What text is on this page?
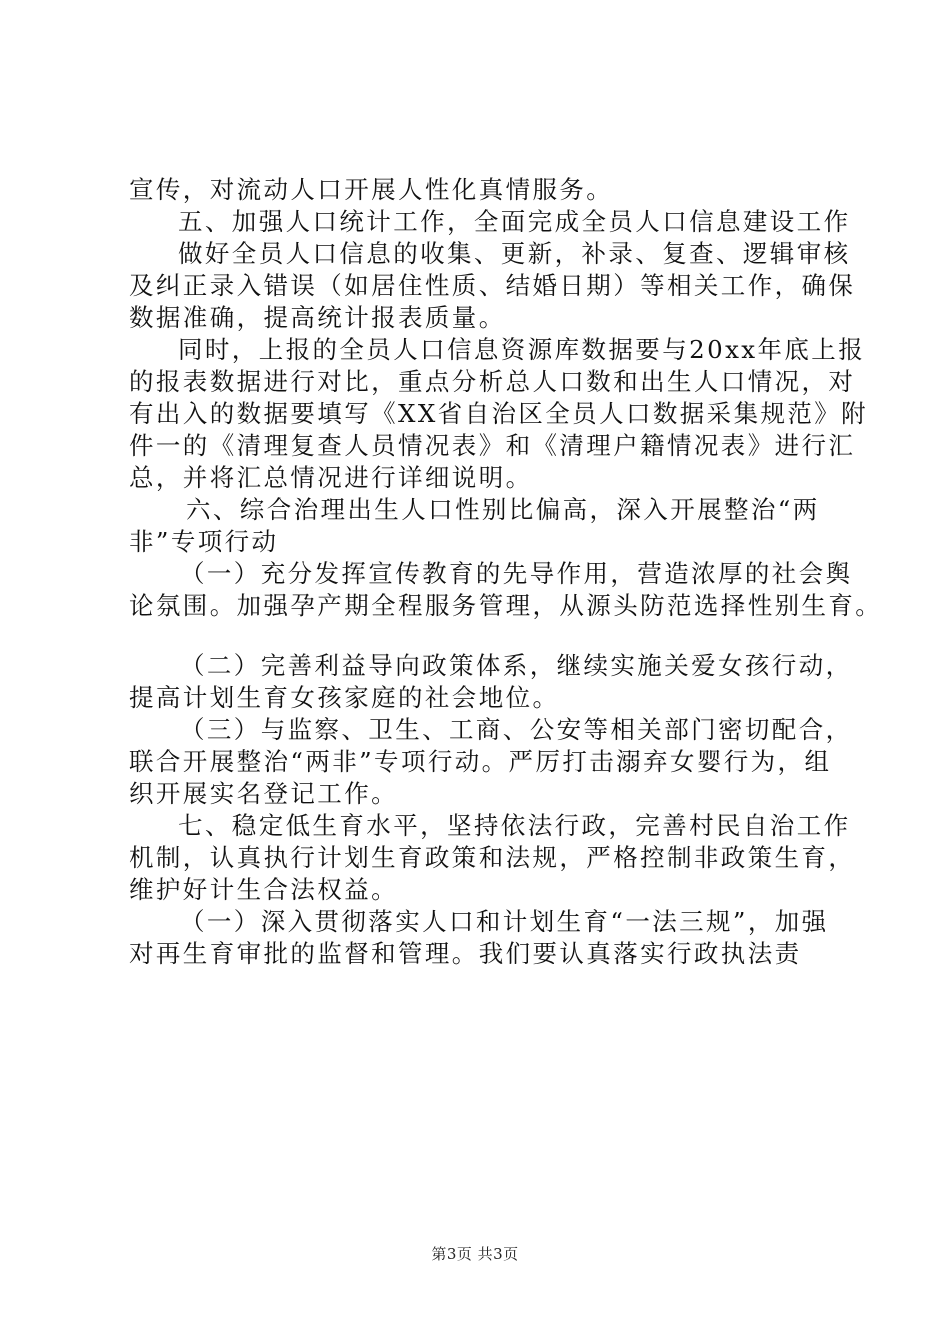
宣传，对流动人口开展人性化真情服务。
五、加强人口统计工作，全面完成全员人口信息建设工作
做好全员人口信息的收集、更新，补录、复查、逻辑审核
及纠正录入错误（如居住性质、结婚日期）等相关工作，确保
数据准确，提高统计报表质量。
同时，上报的全员人口信息资源库数据要与20xx年底上报
的报表数据进行对比，重点分析总人口数和出生人口情况，对
有出入的数据要填写《XX省自治区全员人口数据采集规范》附
件一的《清理复查人员情况表》和《清理户籍情况表》进行汇
总，并将汇总情况进行详细说明。
六、综合治理出生人口性别比偏高，深入开展整治“两
非”专项行动
（一）充分发挥宣传教育的先导作用，营造浓厚的社会舆
论氛围。加强孕产期全程服务管理，从源头防范选择性别生育。
（二）完善利益导向政策体系，继续实施关爱女孩行动，
提高计划生育女孩家庭的社会地位。
（三）与监察、卫生、工商、公安等相关部门密切配合，
联合开展整治“两非”专项行动。严厉打击溺弃女婴行为，组
织开展实名登记工作。
七、稳定低生育水平，坚持依法行政，完善村民自治工作
机制，认真执行计划生育政策和法规，严格控制非政策生育，
维护好计生合法权益。
（一）深入贯彻落实人口和计划生育“一法三规”，加强
对再生育审批的监督和管理。我们要认真落实行政执法责
第3页 共3页
